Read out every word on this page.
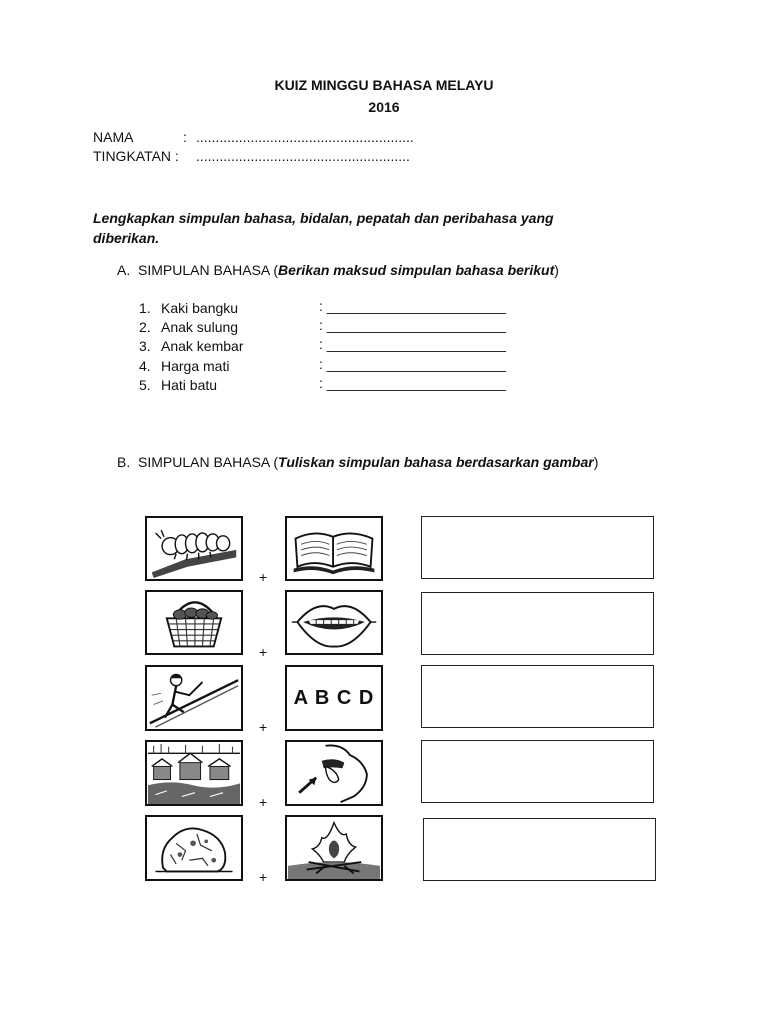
KUIZ MINGGU BAHASA MELAYU
2016
NAMA	: ........................................................
TINGKATAN : .......................................................
Lengkapkan simpulan bahasa, bidalan, pepatah dan peribahasa yang
diberikan.
A. SIMPULAN BAHASA (Berikan maksud simpulan bahasa berikut)
1. Kaki bangku	: _______________________
2. Anak sulung	: _______________________
3. Anak kembar	: _______________________
4. Harga mati	: _______________________
5. Hati batu	: _______________________
B. SIMPULAN BAHASA (Tuliskan simpulan bahasa berdasarkan gambar)
+
+
A B C D
+
+
+
